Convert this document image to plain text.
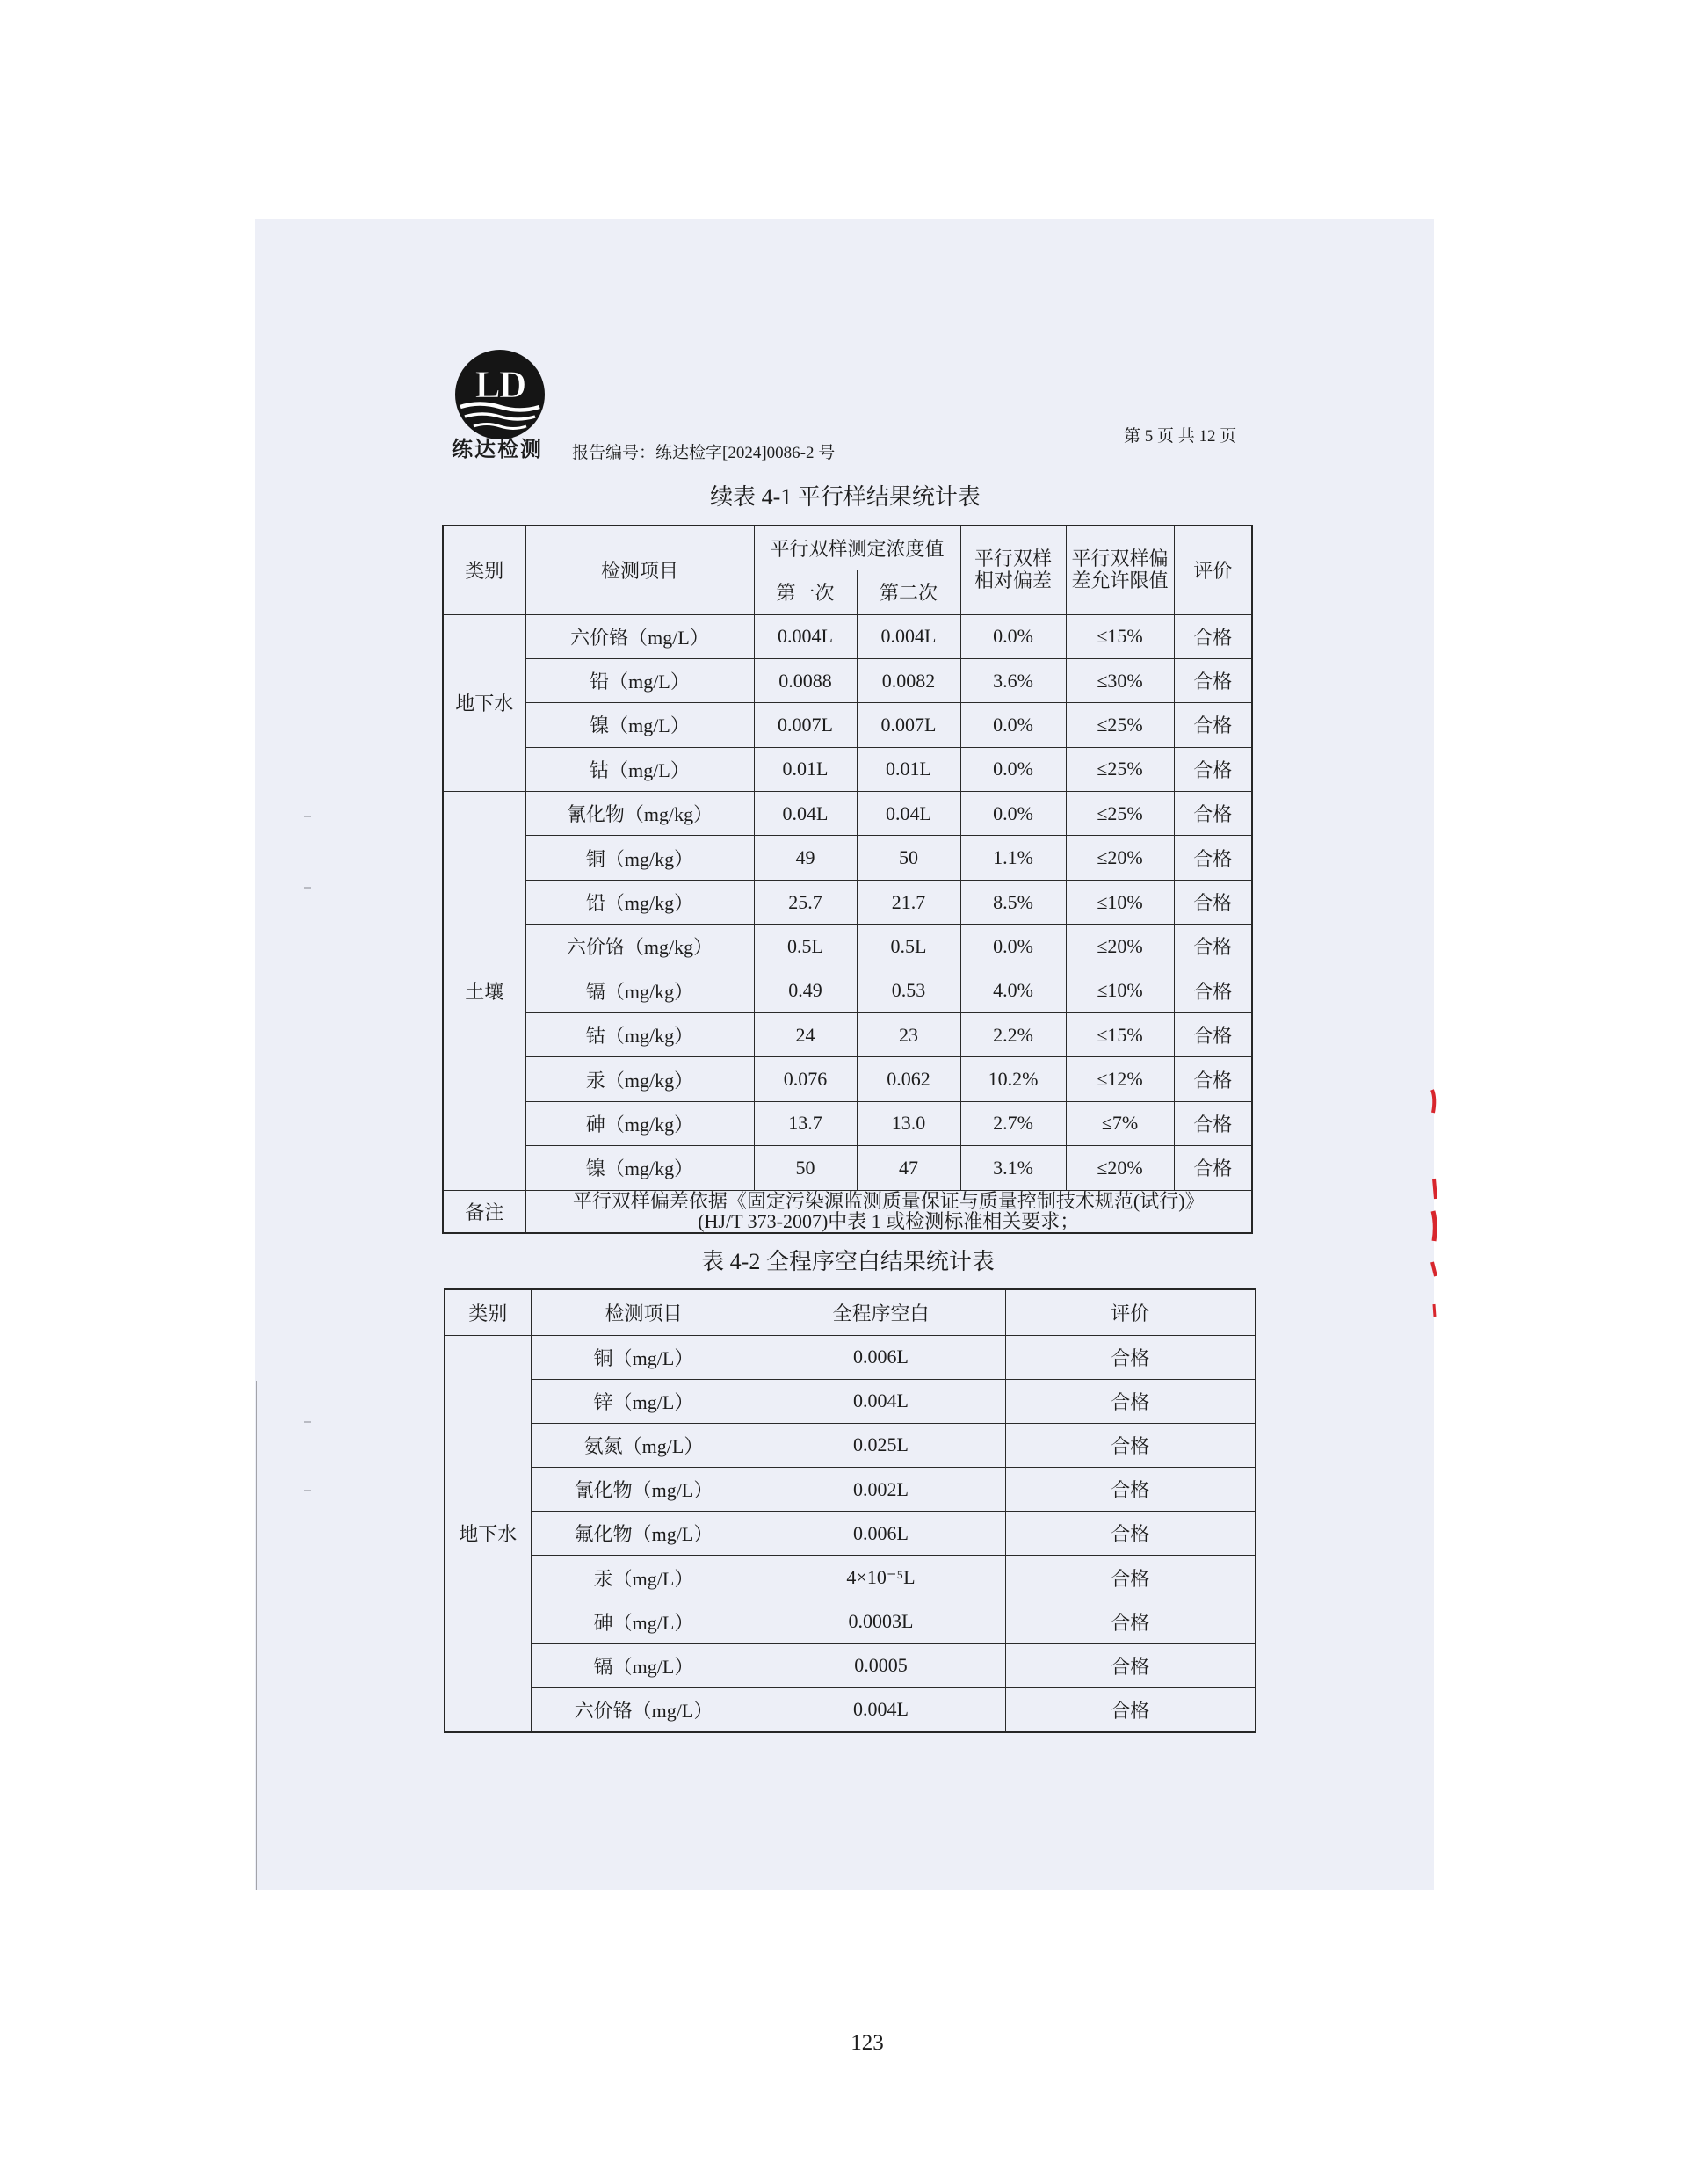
LD
练达检测 报告编号：练达检字[2024]0086-2 号
第 5 页 共 12 页
续表 4-1 平行样结果统计表
类别	检测项目	平行双样测定浓度值		平行双样相对偏差	平行双样偏差允许限值	评价
		第一次	第二次			
地下水	六价铬（mg/L）	0.004L	0.004L	0.0%	≤15%	合格
	铅（mg/L）	0.0088	0.0082	3.6%	≤30%	合格
	镍（mg/L）	0.007L	0.007L	0.0%	≤25%	合格
	钴（mg/L）	0.01L	0.01L	0.0%	≤25%	合格
土壤	氰化物（mg/kg）	0.04L	0.04L	0.0%	≤25%	合格
	铜（mg/kg）	49	50	1.1%	≤20%	合格
	铅（mg/kg）	25.7	21.7	8.5%	≤10%	合格
	六价铬（mg/kg）	0.5L	0.5L	0.0%	≤20%	合格
	镉（mg/kg）	0.49	0.53	4.0%	≤10%	合格
	钴（mg/kg）	24	23	2.2%	≤15%	合格
	汞（mg/kg）	0.076	0.062	10.2%	≤12%	合格
	砷（mg/kg）	13.7	13.0	2.7%	≤7%	合格
	镍（mg/kg）	50	47	3.1%	≤20%	合格
备注	平行双样偏差依据《固定污染源监测质量保证与质量控制技术规范(试行)》
(HJ/T 373-2007)中表 1 或检测标准相关要求；					
表 4-2 全程序空白结果统计表
类别	检测项目	全程序空白	评价
地下水	铜（mg/L）	0.006L	合格
	锌（mg/L）	0.004L	合格
	氨氮（mg/L）	0.025L	合格
	氰化物（mg/L）	0.002L	合格
	氟化物（mg/L）	0.006L	合格
	汞（mg/L）	4×10⁻⁵L	合格
	砷（mg/L）	0.0003L	合格
	镉（mg/L）	0.0005	合格
	六价铬（mg/L）	0.004L	合格
123
